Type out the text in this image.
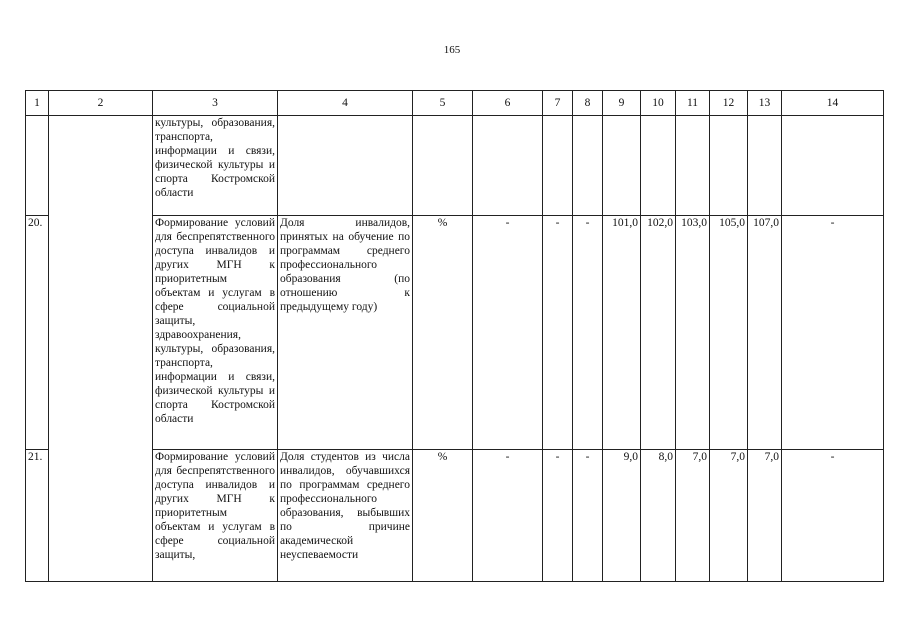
165
1	2	3	4	5	6	7	8	9	10	11	12	13	14
		культуры, образования, транспорта, информации и связи, физической культуры и спорта Костромской области											
20.		Формирование условий для беспрепятственного доступа инвалидов и других МГН к приоритетным объектам и услугам в сфере социальной защиты, здравоохранения, культуры, образования, транспорта, информации и связи, физической культуры и спорта Костромской области	Доля инвалидов, принятых на обучение по программам среднего профессионального образования (по отношению к предыдущему году)	%	-	-	-	101,0	102,0	103,0	105,0	107,0	-
21.		Формирование условий для беспрепятственного доступа инвалидов и других МГН к приоритетным объектам и услугам в сфере социальной защиты,	Доля студентов из числа инвалидов, обучавшихся по программам среднего профессионального образования, выбывших по причине академической неуспеваемости	%	-	-	-	9,0	8,0	7,0	7,0	7,0	-
